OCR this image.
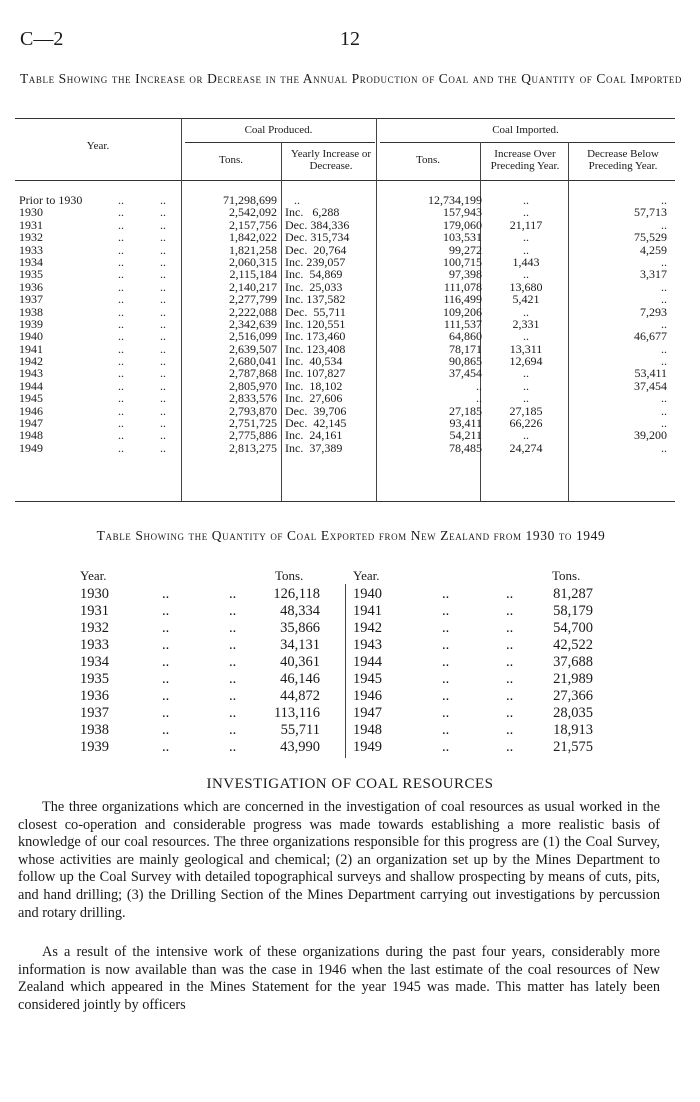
C—2	12
Table Showing the Increase or Decrease in the Annual Production of Coal and the Quantity of Coal Imported
Year.
Coal Produced.	Coal Imported.
Tons.	Yearly Increase or Decrease.	Tons.	Increase Over Preceding Year.
Decrease Below Preceding Year.
Prior to 1930	..	..	71,298,699 ..	12,734,199	..	..
1930	..	..	2,542,092 Inc.   6,288	157,943	..	57,713
1931	..	..	2,157,756 Dec. 384,336	179,060	21,117	..
1932	..	..	1,842,022 Dec. 315,734	103,531	..	75,529
1933	..	..	1,821,258 Dec.  20,764	99,272	..	4,259
1934	..	..	2,060,315 Inc. 239,057	100,715	1,443	..
1935	..	..	2,115,184 Inc.  54,869	97,398	..	3,317
1936	..	..	2,140,217 Inc.  25,033	111,078	13,680	..
1937	..	..	2,277,799 Inc. 137,582	116,499	5,421	..
1938	..	..	2,222,088 Dec.  55,711	109,206	..	7,293
1939	..	..	2,342,639 Inc. 120,551	111,537	2,331	..
1940	..	..	2,516,099 Inc. 173,460	64,860	..	46,677
1941	..	..	2,639,507 Inc. 123,408	78,171	13,311	..
1942	..	..	2,680,041 Inc.  40,534	90,865	12,694	..
1943	..	..	2,787,868 Inc. 107,827	37,454	..	53,411
1944	..	..	2,805,970 Inc.  18,102	..	..	37,454
1945	..	..	2,833,576 Inc.  27,606	..	..	..
1946	..	..	2,793,870 Dec.  39,706	27,185	27,185	..
1947	..	..	2,751,725 Dec.  42,145	93,411	66,226	..
1948	..	..	2,775,886 Inc.  24,161	54,211	..	39,200
1949	..	..	2,813,275 Inc.  37,389	78,485	24,274	..
Table Showing the Quantity of Coal Exported from New Zealand from 1930 to 1949
Year.	Tons.	Year.	Tons.
1930	..	..	126,118 1940	..	..	81,287
1931	..	..	48,334 1941	..	..	58,179
1932	..	..	35,866 1942	..	..	54,700
1933	..	..	34,131 1943	..	..	42,522
1934	..	..	40,361 1944	..	..	37,688
1935	..	..	46,146 1945	..	..	21,989
1936	..	..	44,872 1946	..	..	27,366
1937	..	..	113,116 1947	..	..	28,035
1938	..	..	55,711 1948	..	..	18,913
1939	..	..	43,990 1949	..	..	21,575
INVESTIGATION OF COAL RESOURCES

The three organizations which are concerned in the investigation of coal resources as usual worked in the closest co-operation and considerable progress was made towards establishing a more realistic basis of knowledge of our coal resources. The three organizations responsible for this progress are (1) the Coal Survey, whose activities are mainly geological and chemical; (2) an organization set up by the Mines Department to follow up the Coal Survey with detailed topographical surveys and shallow prospecting by means of cuts, pits, and hand drilling; (3) the Drilling Section of the Mines Department carrying out investigations by percussion and rotary drilling.

As a result of the intensive work of these organizations during the past four years, considerably more information is now available than was the case in 1946 when the last estimate of the coal resources of New Zealand which appeared in the Mines Statement for the year 1945 was made. This matter has lately been considered jointly by officers
